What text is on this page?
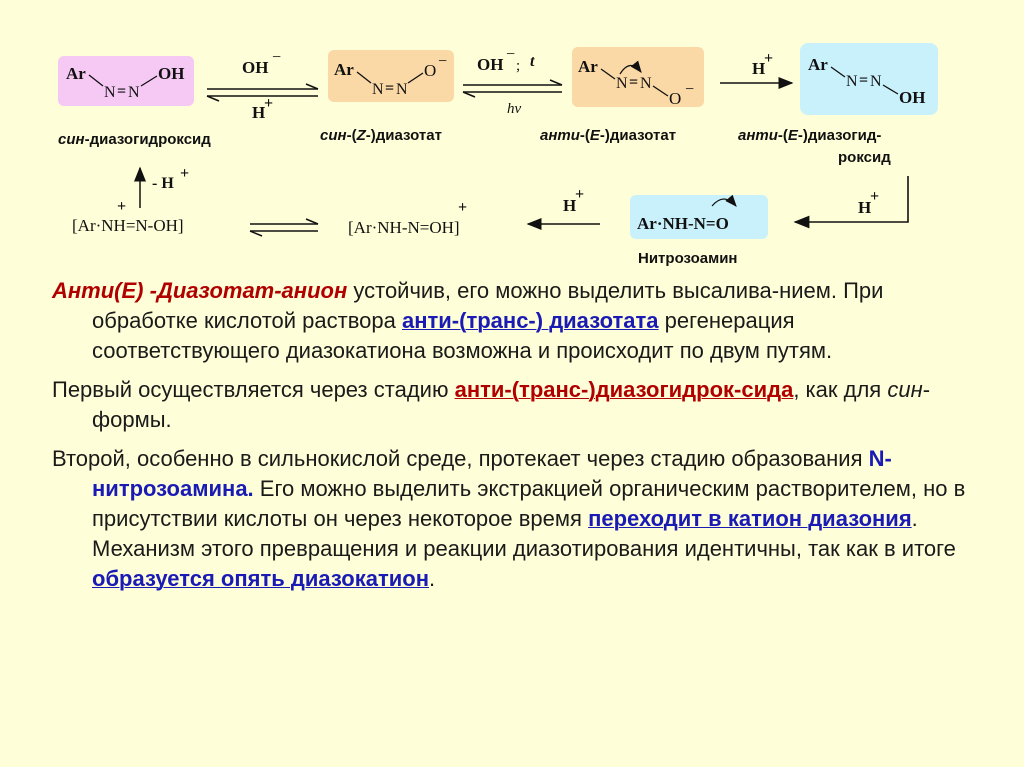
Ar
N = N
OH
син-диазогидроксид
OH
−
H
+
Ar
N = N
O −
син-(Z-)диазотат
OH
−
; t
hν
Ar
N = N
O −
анти-(E-)диазотат
H
+ Ar
N = N
OH
анти-(E-)диазогид-
роксид
H
+
Ar·NH-N=O
Нитрозоамин
H
+
[Ar·NH-N=OH]
+
[Ar·NH=N-OH]
+
- H
+

Анти(E) -Диазотат-анион устойчив, его можно выделить высалива-нием. При обработке кислотой раствора анти-(транс-) диазотата регенерация соответствующего диазокатиона возможна и происходит по двум путям.

Первый осуществляется через стадию анти-(транс-)диазогидрок-сида, как для син-формы.

Второй, особенно в сильнокислой среде, протекает через стадию образования N-нитрозоамина. Его можно выделить экстракцией органическим растворителем, но в присутствии кислоты он через некоторое время переходит в катион диазония. Механизм этого превращения и реакции диазотирования идентичны, так как в итоге образуется опять диазокатион.
